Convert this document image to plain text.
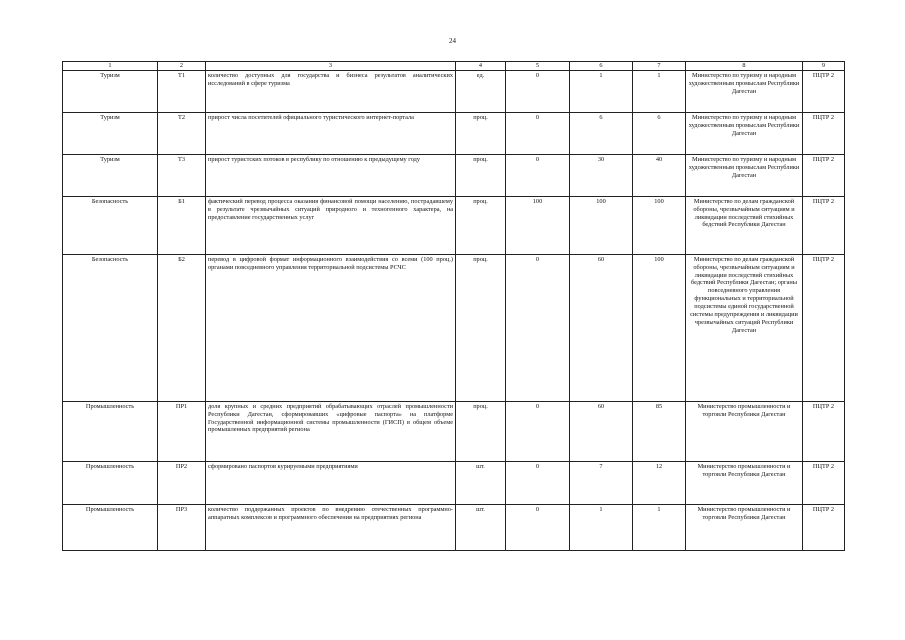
24
1	2	3	4	5	6	7	8	9
Туризм	Т1	количество доступных для государства и бизнеса результатов аналитических исследований в сфере туризма	ед.	0	1	1	Министерство по туризму и народным художественным промыслам Республики Дагестан	ПЦТР 2
Туризм	Т2	прирост числа посетителей официального туристического интернет-портала	проц.	0	6	6	Министерство по туризму и народным художественным промыслам Республики Дагестан	ПЦТР 2
Туризм	Т3	прирост туристских потоков в республику по отношению к предыдущему году	проц.	0	30	40	Министерство по туризму и народным художественным промыслам Республики Дагестан	ПЦТР 2
Безопасность	Б1	фактический перевод процесса оказания финансовой помощи населению, пострадавшему в результате чрезвычайных ситуаций природного и техногенного характера, на предоставление государственных услуг	проц.	100	100	100	Министерство по делам гражданской обороны, чрезвычайным ситуациям и ликвидации последствий стихийных бедствий Республики Дагестан	ПЦТР 2
Безопасность	Б2	перевод в цифровой формат информационного взаимодействия со всеми (100 проц.) органами повседневного управления территориальной подсистемы РСЧС	проц.	0	60	100	Министерство по делам гражданской обороны, чрезвычайным ситуациям и ликвидации последствий стихийных бедствий Республики Дагестан; органы повседневного управления функциональных и территориальной подсистемы единой государственной системы предупреждения и ликвидации чрезвычайных ситуаций Республики Дагестан	ПЦТР 2
Промышленность	ПР1	доля крупных и средних предприятий обрабатывающих отраслей промышленности Республики Дагестан, сформировавших «цифровые паспорта» на платформе Государственной информационной системы промышленности (ГИСП) в общем объеме промышленных предприятий региона	проц.	0	60	85	Министерство промышленности и торговли Республики Дагестан	ПЦТР 2
Промышленность	ПР2	сформировано паспортов курируемыми предприятиями	шт.	0	7	12	Министерство промышленности и торговли Республики Дагестан	ПЦТР 2
Промышленность	ПР3	количество поддержанных проектов по внедрению отечественных программно-аппаратных комплексов и программного обеспечения на предприятиях региона	шт.	0	1	1	Министерство промышленности и торговли Республики Дагестан	ПЦТР 2
